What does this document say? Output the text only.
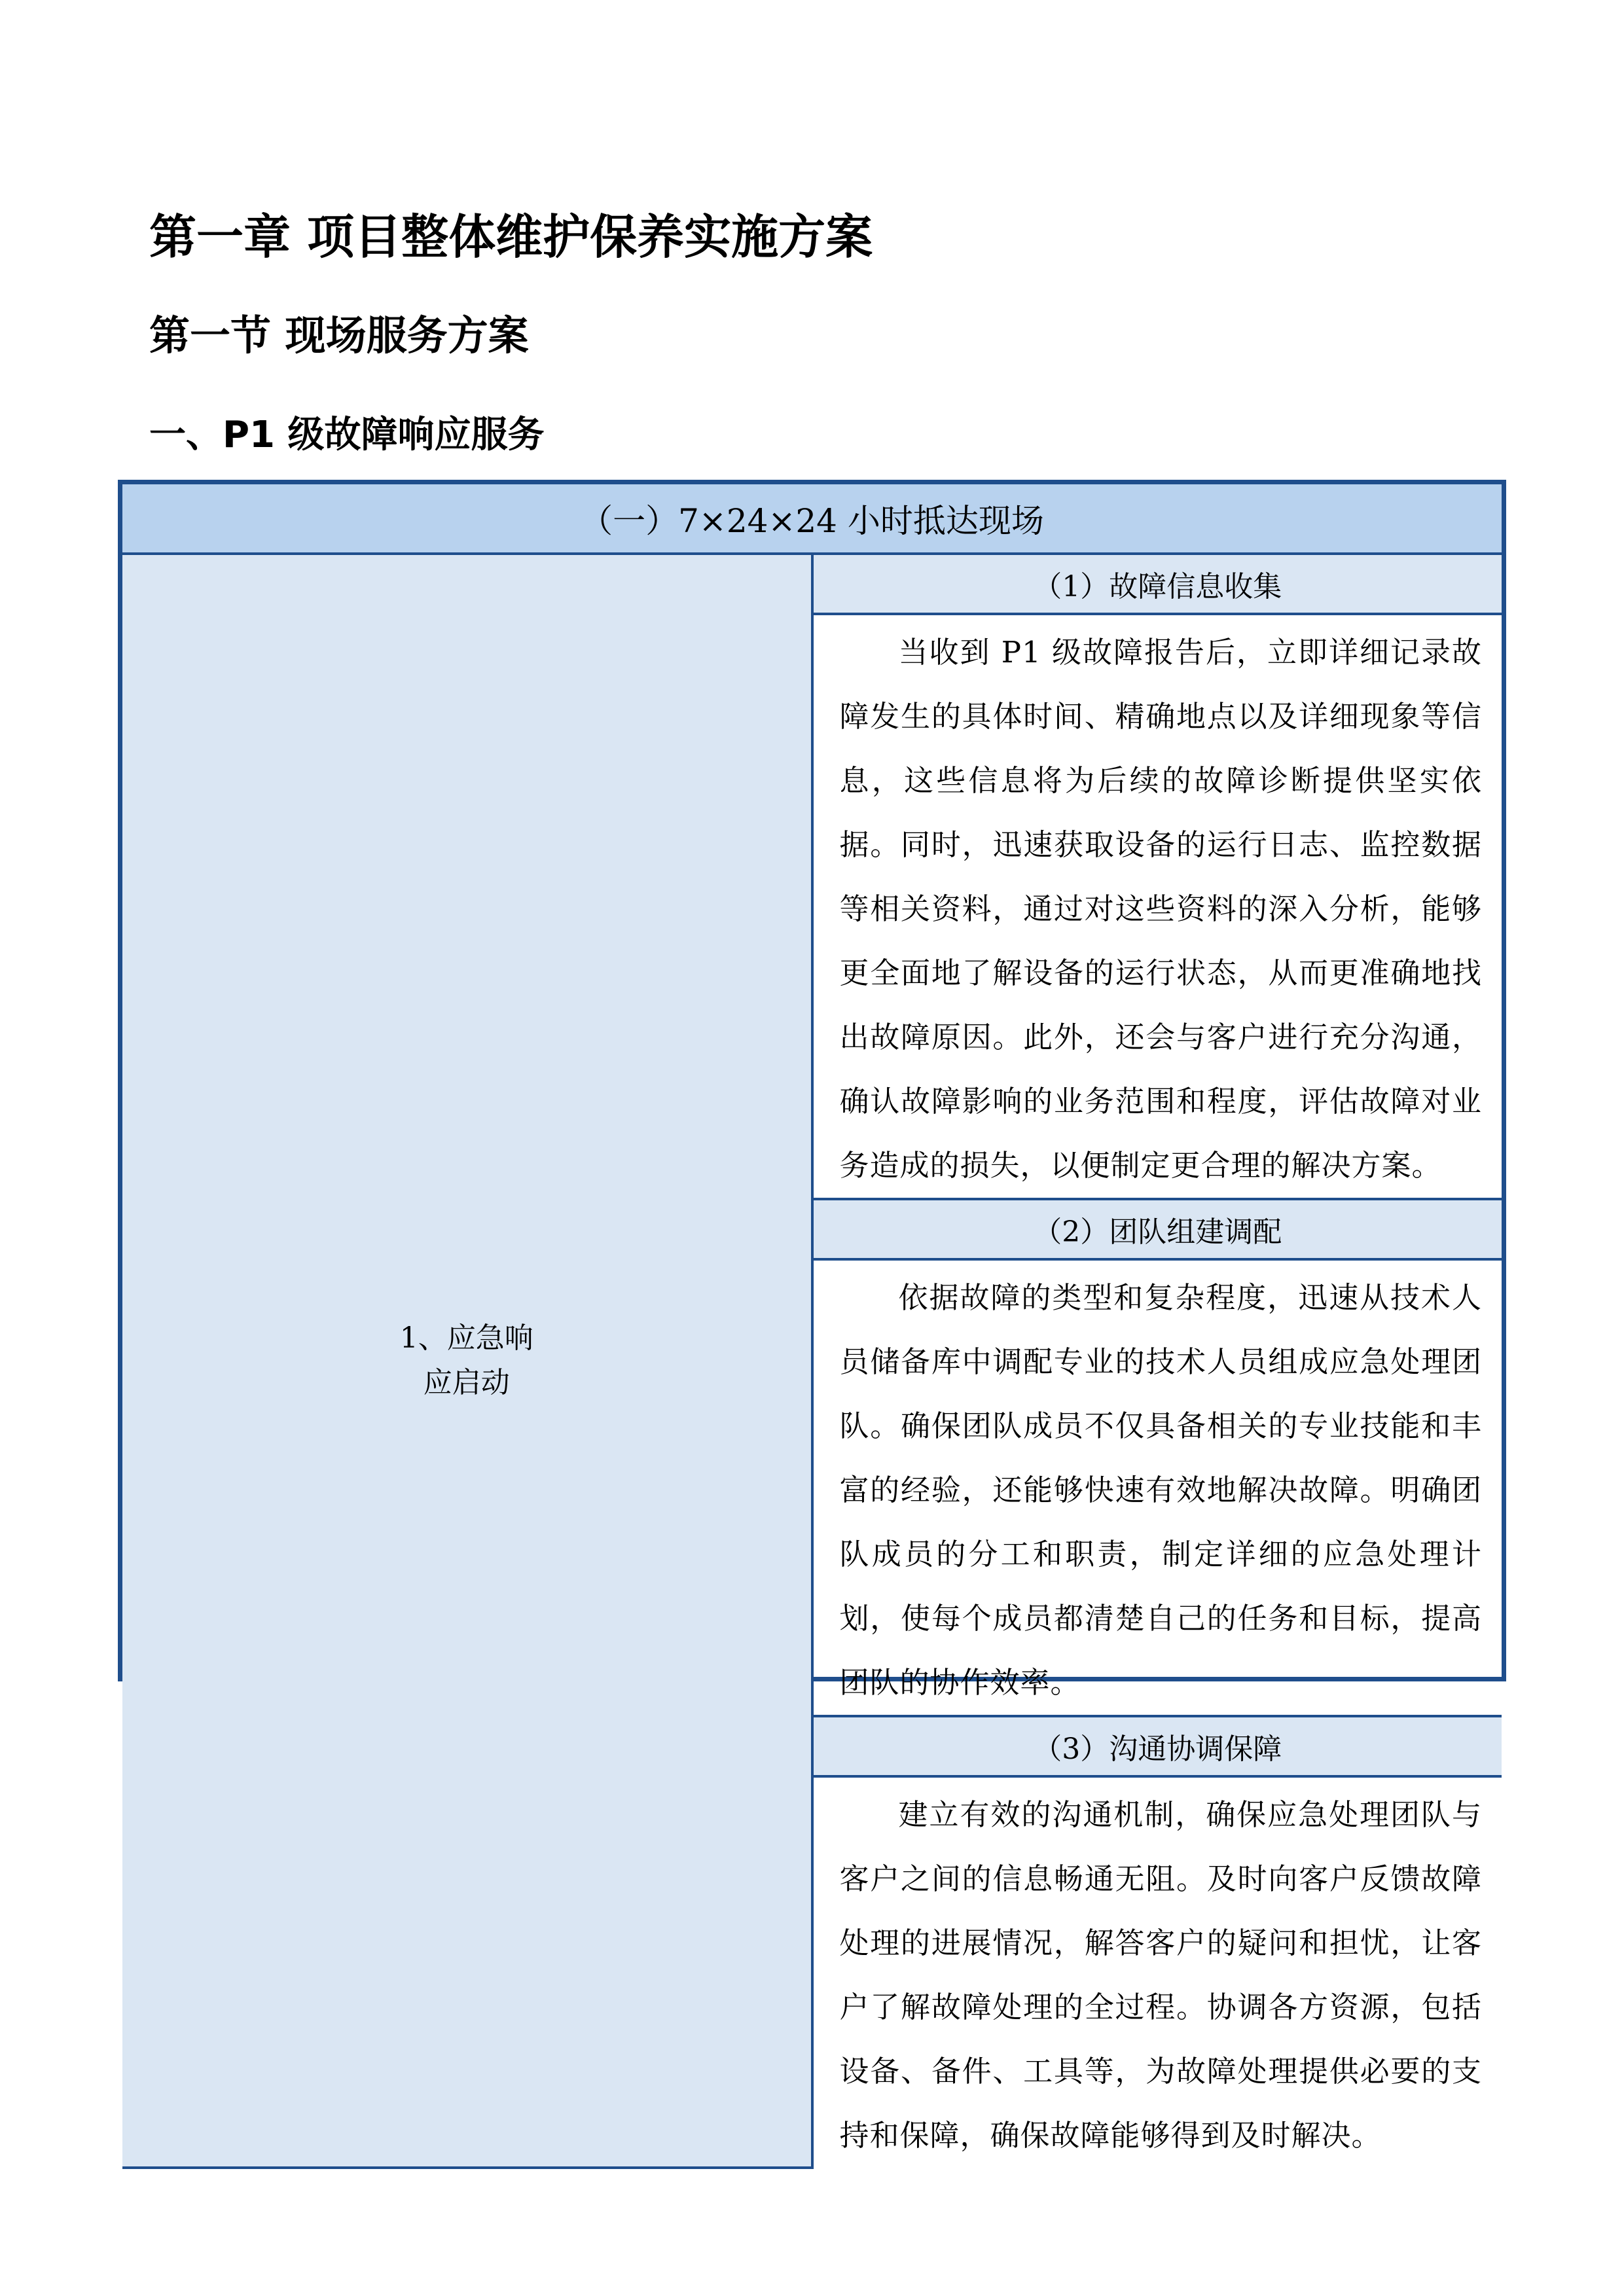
第一章 项目整体维护保养实施方案
第一节 现场服务方案
一、P1 级故障响应服务
（一）7×24×24 小时抵达现场
1、应急响应启动	（1）故障信息收集

当收到 P1 级故障报告后，立即详细记录故障发生的具体时间、精确地点以及详细现象等信息，这些信息将为后续的故障诊断提供坚实依据。同时，迅速获取设备的运行日志、监控数据等相关资料，通过对这些资料的深入分析，能够更全面地了解设备的运行状态，从而更准确地找出故障原因。此外，还会与客户进行充分沟通，确认故障影响的业务范围和程度，评估故障对业务造成的损失，以便制定更合理的解决方案。

（2）团队组建调配

依据故障的类型和复杂程度，迅速从技术人员储备库中调配专业的技术人员组成应急处理团队。确保团队成员不仅具备相关的专业技能和丰富的经验，还能够快速有效地解决故障。明确团队成员的分工和职责，制定详细的应急处理计划，使每个成员都清楚自己的任务和目标，提高团队的协作效率。

（3）沟通协调保障

建立有效的沟通机制，确保应急处理团队与客户之间的信息畅通无阻。及时向客户反馈故障处理的进展情况，解答客户的疑问和担忧，让客户了解故障处理的全过程。协调各方资源，包括设备、备件、工具等，为故障处理提供必要的支持和保障，确保故障能够得到及时解决。
